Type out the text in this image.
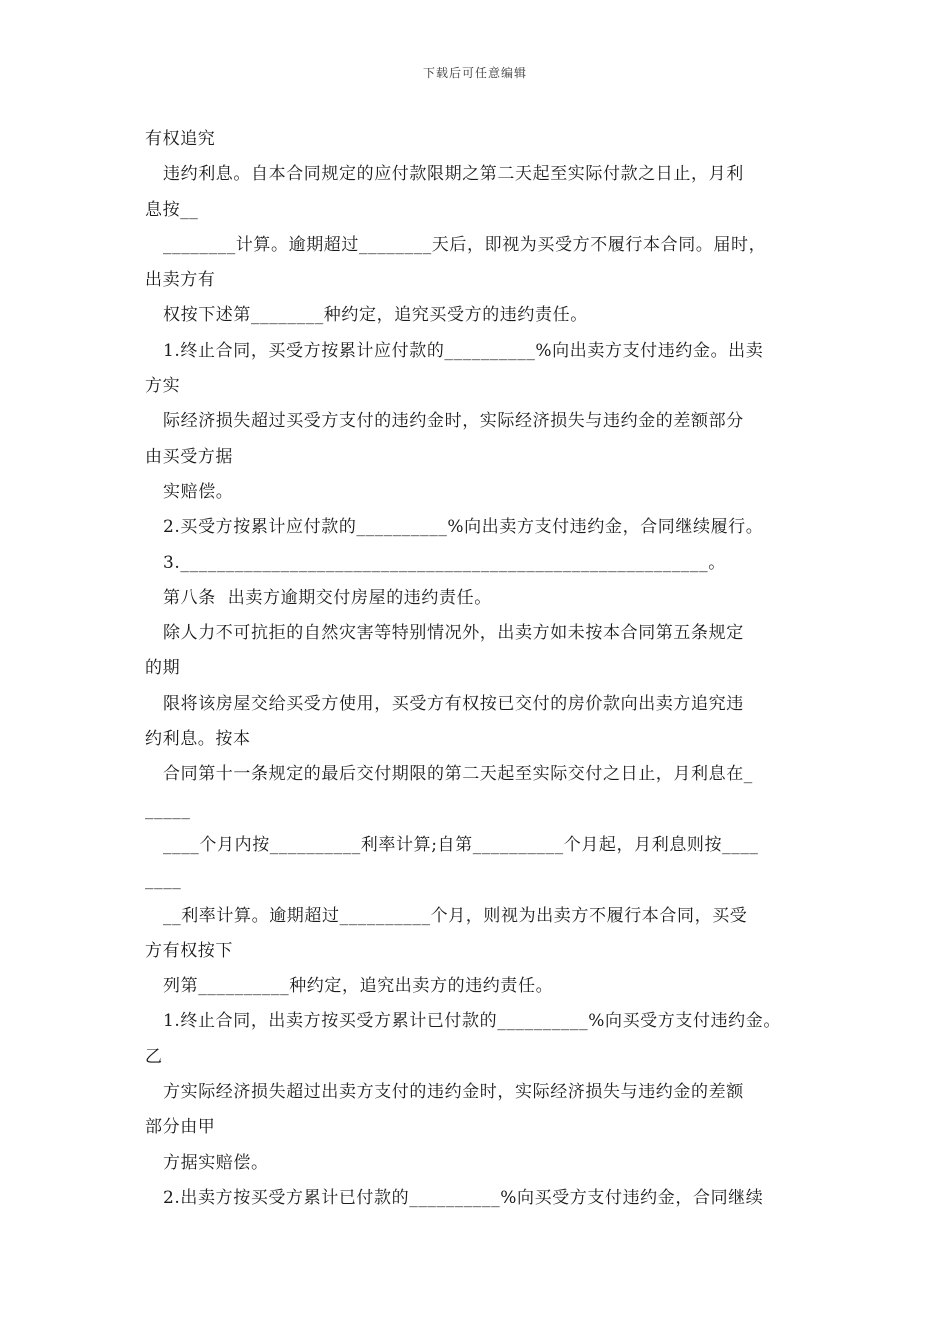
下载后可任意编辑
有权追究
违约利息。自本合同规定的应付款限期之第二天起至实际付款之日止，月利
息按__
________计算。逾期超过________天后，即视为买受方不履行本合同。届时，
出卖方有
权按下述第________种约定，追究买受方的违约责任。
1.终止合同，买受方按累计应付款的__________%向出卖方支付违约金。出卖
方实
际经济损失超过买受方支付的违约金时，实际经济损失与违约金的差额部分
由买受方据
实赔偿。
2.买受方按累计应付款的__________%向出卖方支付违约金，合同继续履行。
3.__________________________________________________________。
第八条  出卖方逾期交付房屋的违约责任。
除人力不可抗拒的自然灾害等特别情况外，出卖方如未按本合同第五条规定
的期
限将该房屋交给买受方使用，买受方有权按已交付的房价款向出卖方追究违
约利息。按本
合同第十一条规定的最后交付期限的第二天起至实际交付之日止，月利息在_
_____
____个月内按__________利率计算;自第__________个月起，月利息则按____
____
__利率计算。逾期超过__________个月，则视为出卖方不履行本合同，买受
方有权按下
列第__________种约定，追究出卖方的违约责任。
1.终止合同，出卖方按买受方累计已付款的__________%向买受方支付违约金。
乙
方实际经济损失超过出卖方支付的违约金时，实际经济损失与违约金的差额
部分由甲
方据实赔偿。
2.出卖方按买受方累计已付款的__________%向买受方支付违约金，合同继续
